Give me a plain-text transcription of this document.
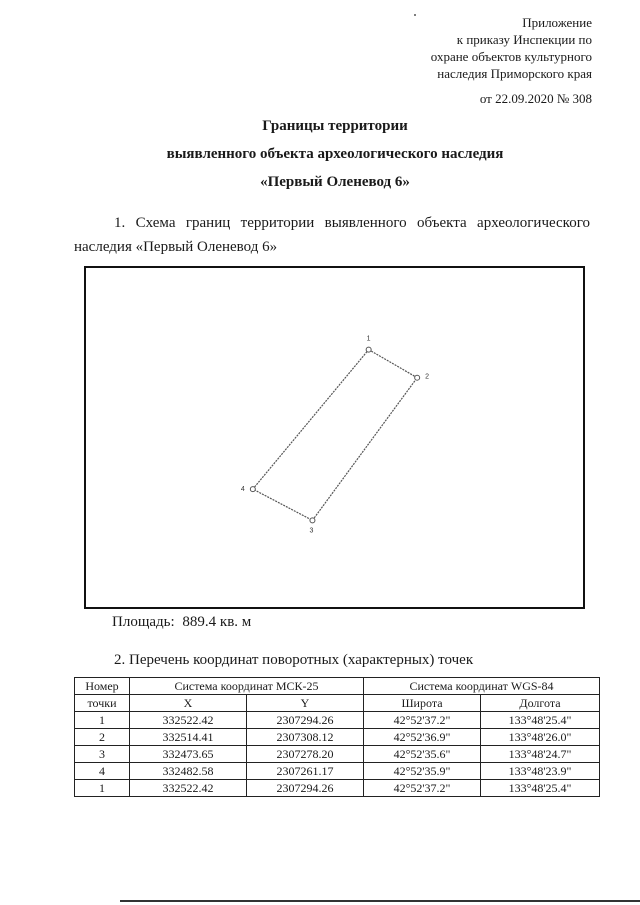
Приложение
к приказу Инспекции по
охране объектов культурного
наследия Приморского края
от 22.09.2020 № 308
Границы территории
выявленного объекта археологического наследия
«Первый Оленевод 6»
1. Схема границ территории выявленного объекта археологического
наследия «Первый Оленевод 6»
1
2
3
4
Площадь: 889.4 кв. м
2. Перечень координат поворотных (характерных) точек
Номер	Система координат МСК-25		Система координат WGS-84	
точки	X	Y	Широта	Долгота
1	332522.42	2307294.26	42°52'37.2"	133°48'25.4"
2	332514.41	2307308.12	42°52'36.9"	133°48'26.0"
3	332473.65	2307278.20	42°52'35.6"	133°48'24.7"
4	332482.58	2307261.17	42°52'35.9"	133°48'23.9"
1	332522.42	2307294.26	42°52'37.2"	133°48'25.4"
